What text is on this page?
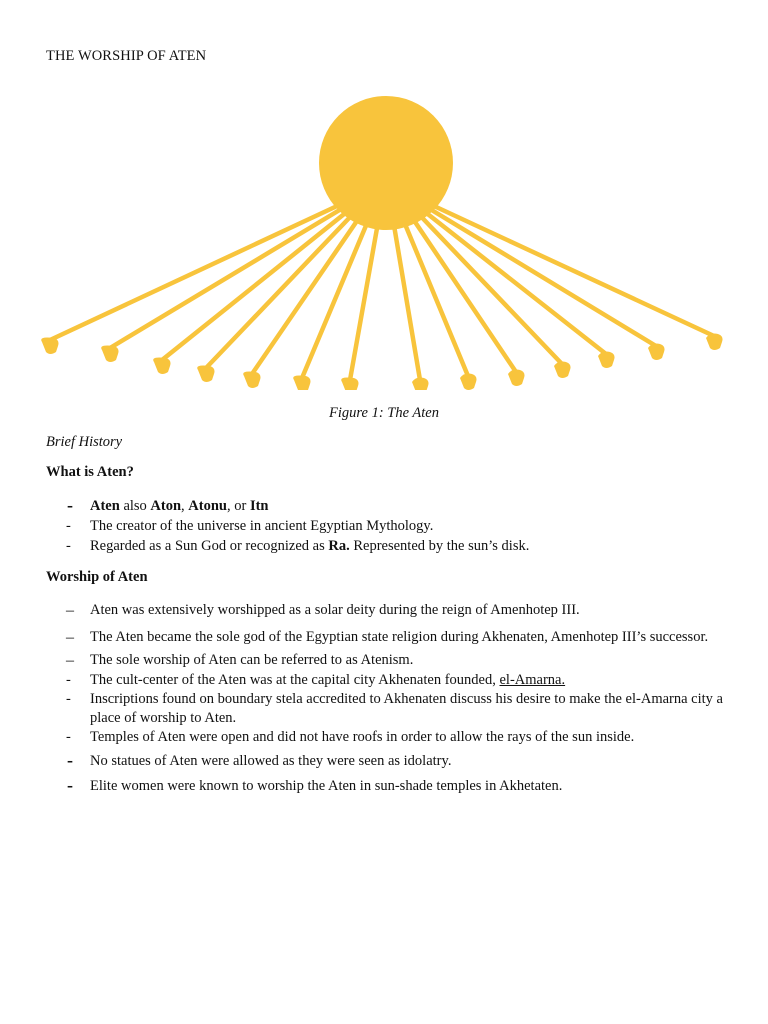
THE WORSHIP OF ATEN
Figure 1: The Aten
Brief History
What is Aten?
- Aten also Aton, Atonu, or Itn
- The creator of the universe in ancient Egyptian Mythology.
- Regarded as a Sun God or recognized as Ra. Represented by the sun’s disk.
Worship of Aten
– Aten was extensively worshipped as a solar deity during the reign of Amenhotep III.
– The Aten became the sole god of the Egyptian state religion during Akhenaten, Amenhotep III’s successor.
– The sole worship of Aten can be referred to as Atenism.
- The cult-center of the Aten was at the capital city Akhenaten founded, el-Amarna.
- Inscriptions found on boundary stela accredited to Akhenaten discuss his desire to make the el-Amarna city a place of worship to Aten.
- Temples of Aten were open and did not have roofs in order to allow the rays of the sun inside.
- No statues of Aten were allowed as they were seen as idolatry.
- Elite women were known to worship the Aten in sun-shade temples in Akhetaten.
